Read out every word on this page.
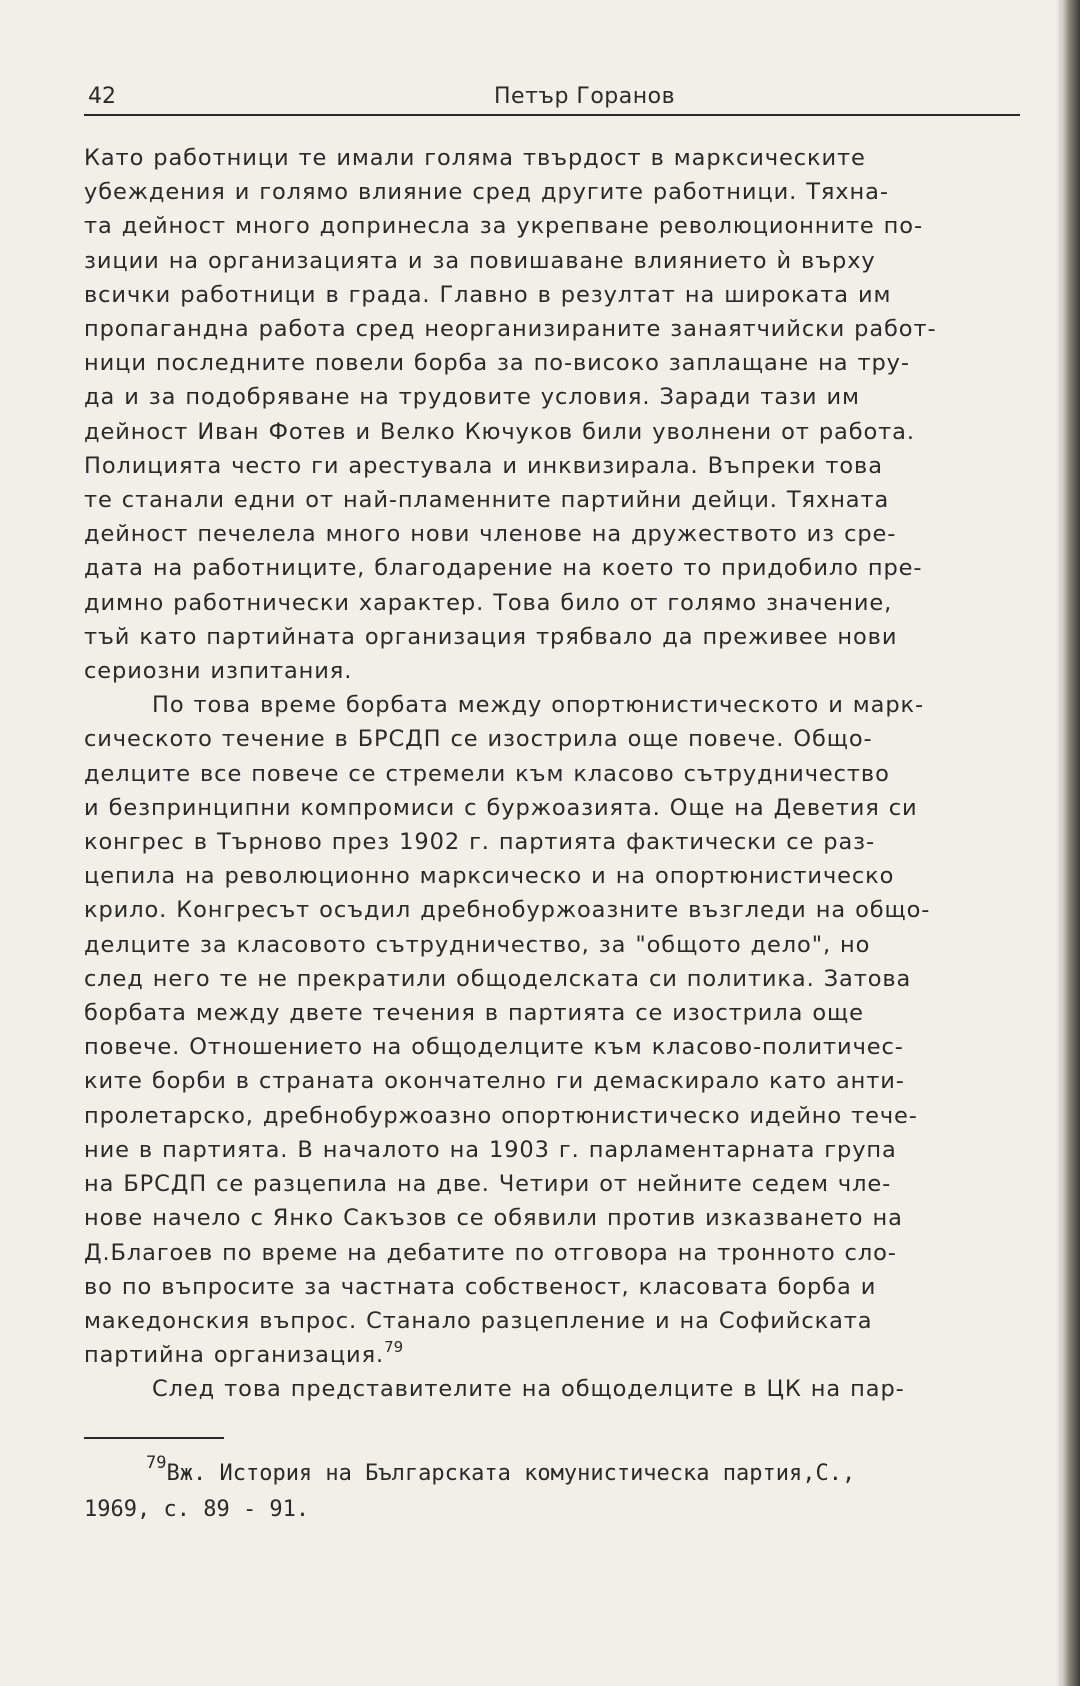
42	Петър Горанов
Като работници те имали голяма твърдост в марксическите
убеждения и голямо влияние сред другите работници. Тяхна-
та дейност много допринесла за укрепване революционните по-
зиции на организацията и за повишаване влиянието ѝ върху
всички работници в града. Главно в резултат на широката им
пропагандна работа сред неорганизираните занаятчийски работ-
ници последните повели борба за по-високо заплащане на тру-
да и за подобряване на трудовите условия. Заради тази им
дейност Иван Фотев и Велко Кючуков били уволнени от работа.
Полицията често ги арестувала и инквизирала. Въпреки това
те станали едни от най-пламенните партийни дейци. Тяхната
дейност печелела много нови членове на дружеството из сре-
дата на работниците, благодарение на което то придобило пре-
димно работнически характер. Това било от голямо значение,
тъй като партийната организация трябвало да преживее нови
сериозни изпитания.
По това време борбата между опортюнистическото и марк-
сическото течение в БРСДП се изострила още повече. Общо-
делците все повече се стремели към класово сътрудничество
и безпринципни компромиси с буржоазията. Още на Деветия си
конгрес в Търново през 1902 г. партията фактически се раз-
цепила на революционно марксическо и на опортюнистическо
крило. Конгресът осъдил дребнобуржоазните възгледи на общо-
делците за класовото сътрудничество, за "общото дело", но
след него те не прекратили общоделската си политика. Затова
борбата между двете течения в партията се изострила още
повече. Отношението на общоделците към класово-политичес-
ките борби в страната окончателно ги демаскирало като анти-
пролетарско, дребнобуржоазно опортюнистическо идейно тече-
ние в партията. В началото на 1903 г. парламентарната група
на БРСДП се разцепила на две. Четири от нейните седем чле-
нове начело с Янко Сакъзов се обявили против изказването на
Д.Благоев по време на дебатите по отговора на тронното сло-
во по въпросите за частната собственост, класовата борба и
македонския въпрос. Станало разцепление и на Софийската
партийна организация.$^{79}$
След това представителите на общоделците в ЦК на пар-
$^{79}$Вж. История на Българската комунистическа партия,С.,
1969, с. 89 - 91.
